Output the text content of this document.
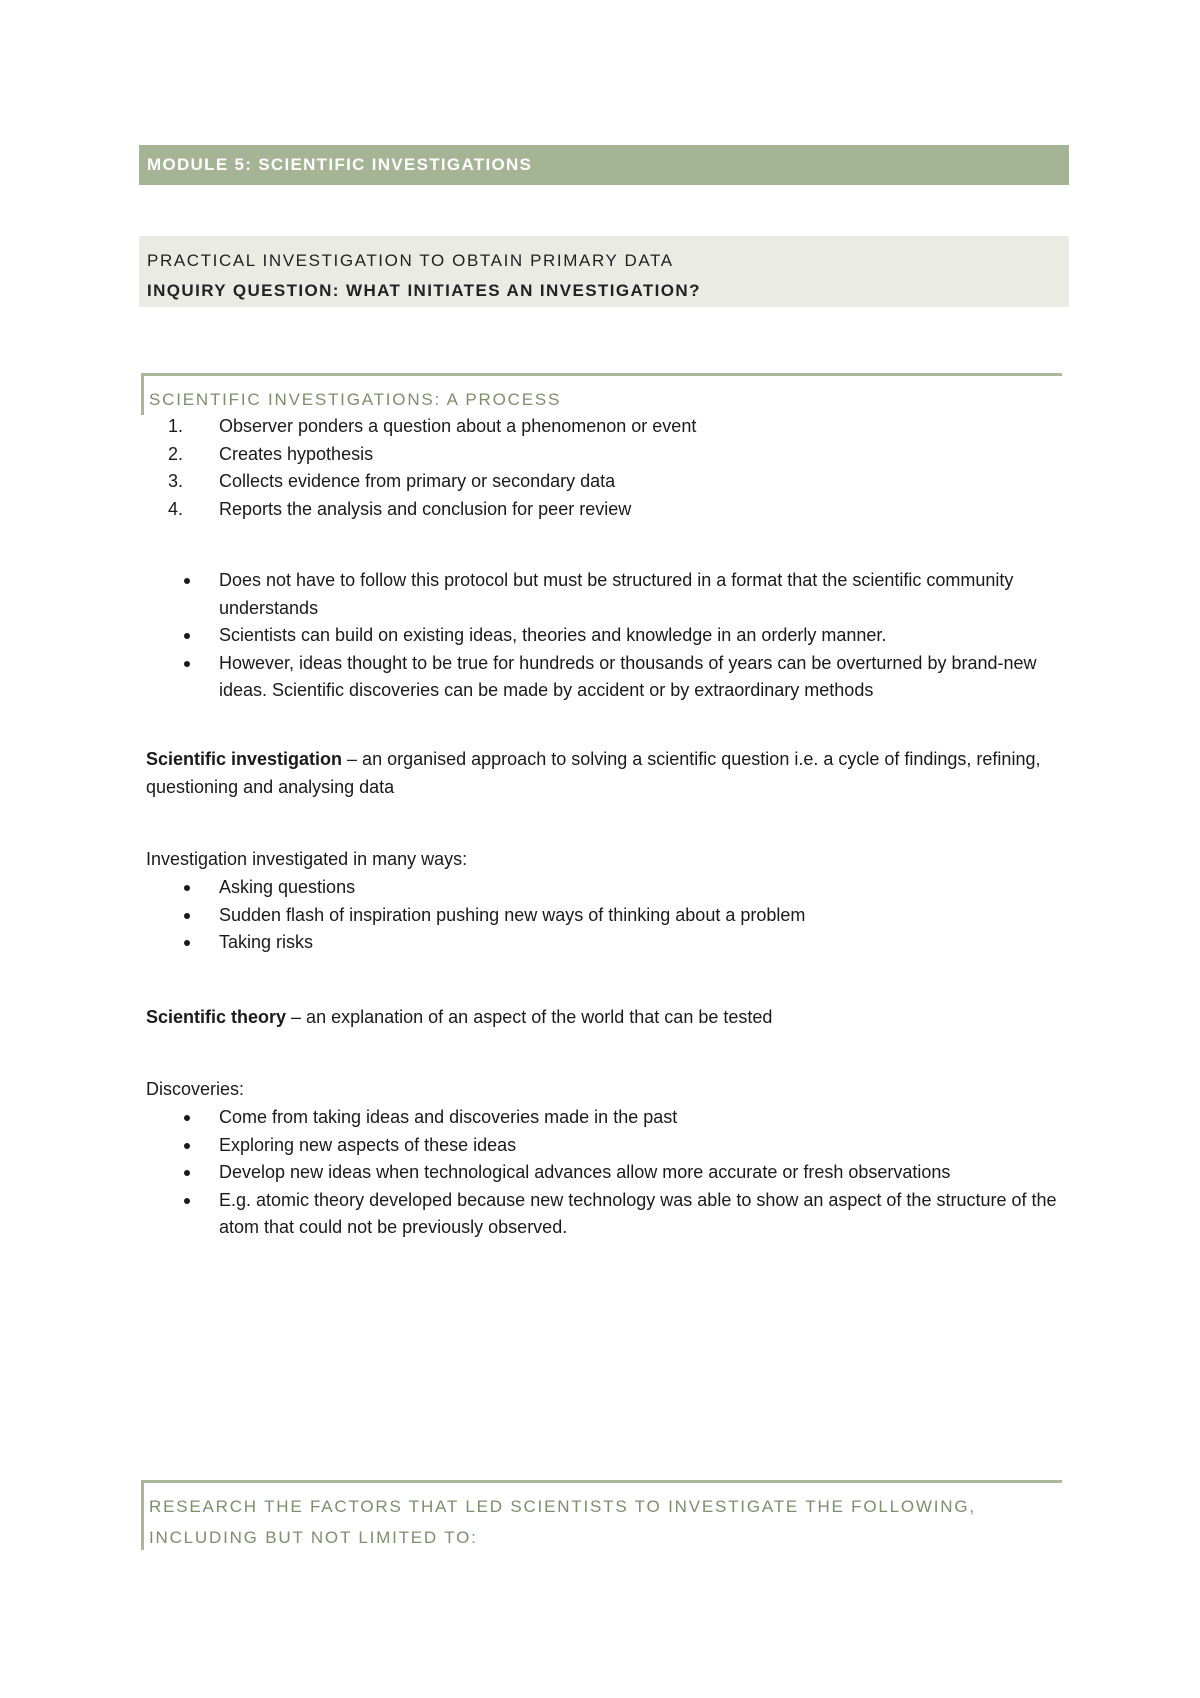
MODULE 5: SCIENTIFIC INVESTIGATIONS
PRACTICAL INVESTIGATION TO OBTAIN PRIMARY DATA
INQUIRY QUESTION: WHAT INITIATES AN INVESTIGATION?
SCIENTIFIC INVESTIGATIONS: A PROCESS
1. Observer ponders a question about a phenomenon or event
2. Creates hypothesis
3. Collects evidence from primary or secondary data
4. Reports the analysis and conclusion for peer review
Does not have to follow this protocol but must be structured in a format that the scientific community understands
Scientists can build on existing ideas, theories and knowledge in an orderly manner.
However, ideas thought to be true for hundreds or thousands of years can be overturned by brand-new ideas. Scientific discoveries can be made by accident or by extraordinary methods

Scientific investigation – an organised approach to solving a scientific question i.e. a cycle of findings, refining, questioning and analysing data

Investigation investigated in many ways:

Asking questions
Sudden flash of inspiration pushing new ways of thinking about a problem
Taking risks

Scientific theory – an explanation of an aspect of the world that can be tested

Discoveries:

Come from taking ideas and discoveries made in the past
Exploring new aspects of these ideas
Develop new ideas when technological advances allow more accurate or fresh observations
E.g. atomic theory developed because new technology was able to show an aspect of the structure of the atom that could not be previously observed.
RESEARCH THE FACTORS THAT LED SCIENTISTS TO INVESTIGATE THE FOLLOWING, INCLUDING BUT NOT LIMITED TO:
